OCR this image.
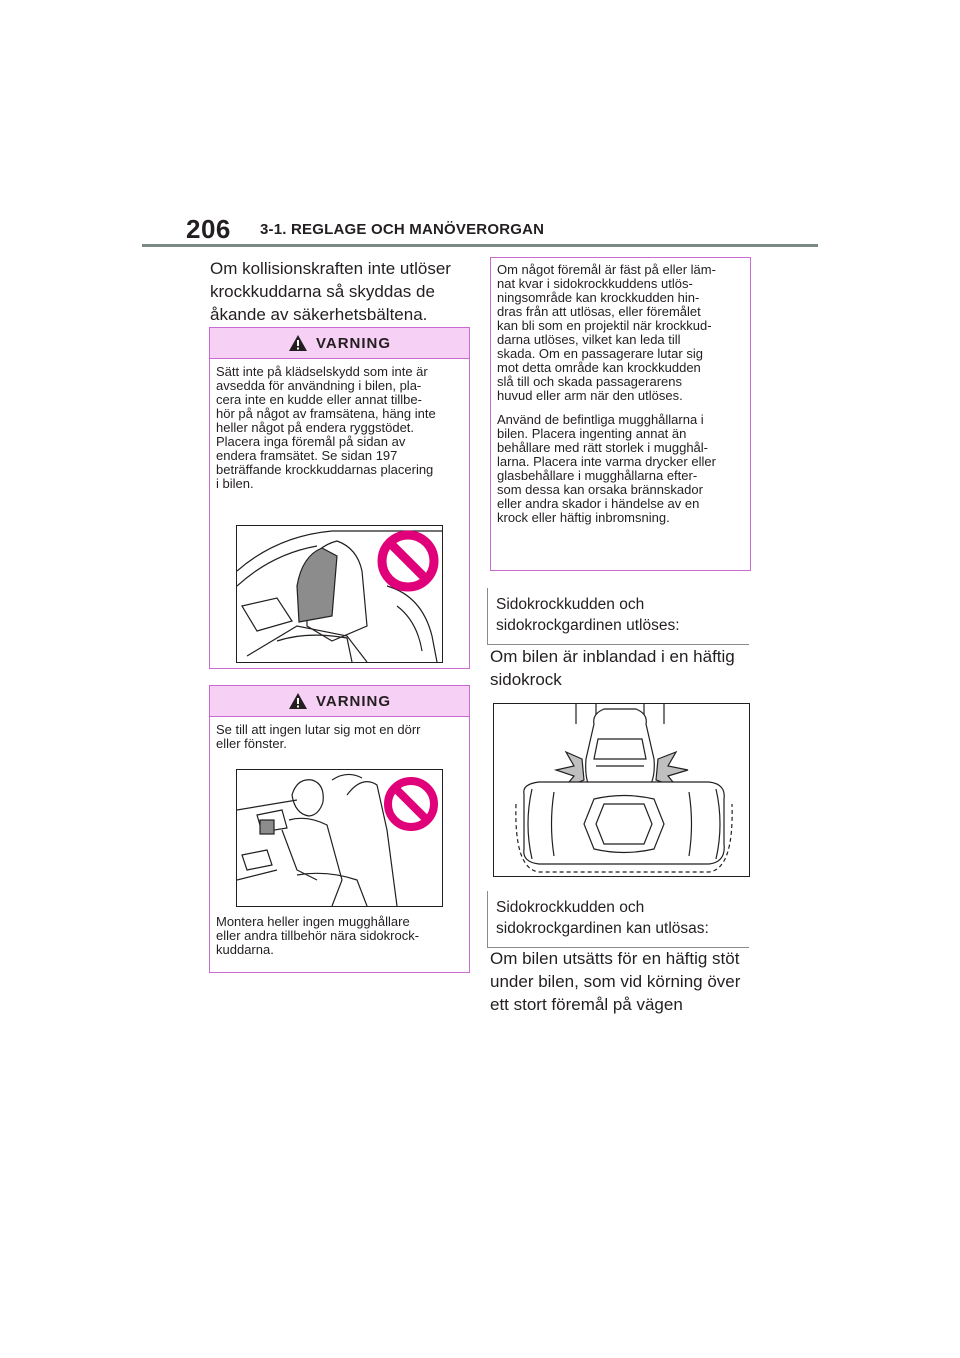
206 3-1. REGLAGE OCH MANÖVERORGAN
Om kollisionskraften inte utlöser
krockkuddarna så skyddas de
åkande av säkerhetsbältena.
VARNING
Sätt inte på klädselskydd som inte är
avsedda för användning i bilen, pla-
cera inte en kudde eller annat tillbe-
hör på något av framsätena, häng inte
heller något på endera ryggstödet.
Placera inga föremål på sidan av
endera framsätet. Se sidan 197
beträffande krockkuddarnas placering
i bilen.
VARNING
Se till att ingen lutar sig mot en dörr
eller fönster.
Montera heller ingen mugghållare
eller andra tillbehör nära sidokrock-
kuddarna.
Om något föremål är fäst på eller läm-
nat kvar i sidokrockkuddens utlös-
ningsområde kan krockkudden hin-
dras från att utlösas, eller föremålet
kan bli som en projektil när krockkud-
darna utlöses, vilket kan leda till
skada. Om en passagerare lutar sig
mot detta område kan krockkudden
slå till och skada passagerarens
huvud eller arm när den utlöses.
Använd de befintliga mugghållarna i
bilen. Placera ingenting annat än
behållare med rätt storlek i mugghål-
larna. Placera inte varma drycker eller
glasbehållare i mugghållarna efter-
som dessa kan orsaka brännskador
eller andra skador i händelse av en
krock eller häftig inbromsning.
Sidokrockkudden och
sidokrockgardinen utlöses:
Om bilen är inblandad i en häftig
sidokrock
Sidokrockkudden och
sidokrockgardinen kan utlösas:
Om bilen utsätts för en häftig stöt
under bilen, som vid körning över
ett stort föremål på vägen
